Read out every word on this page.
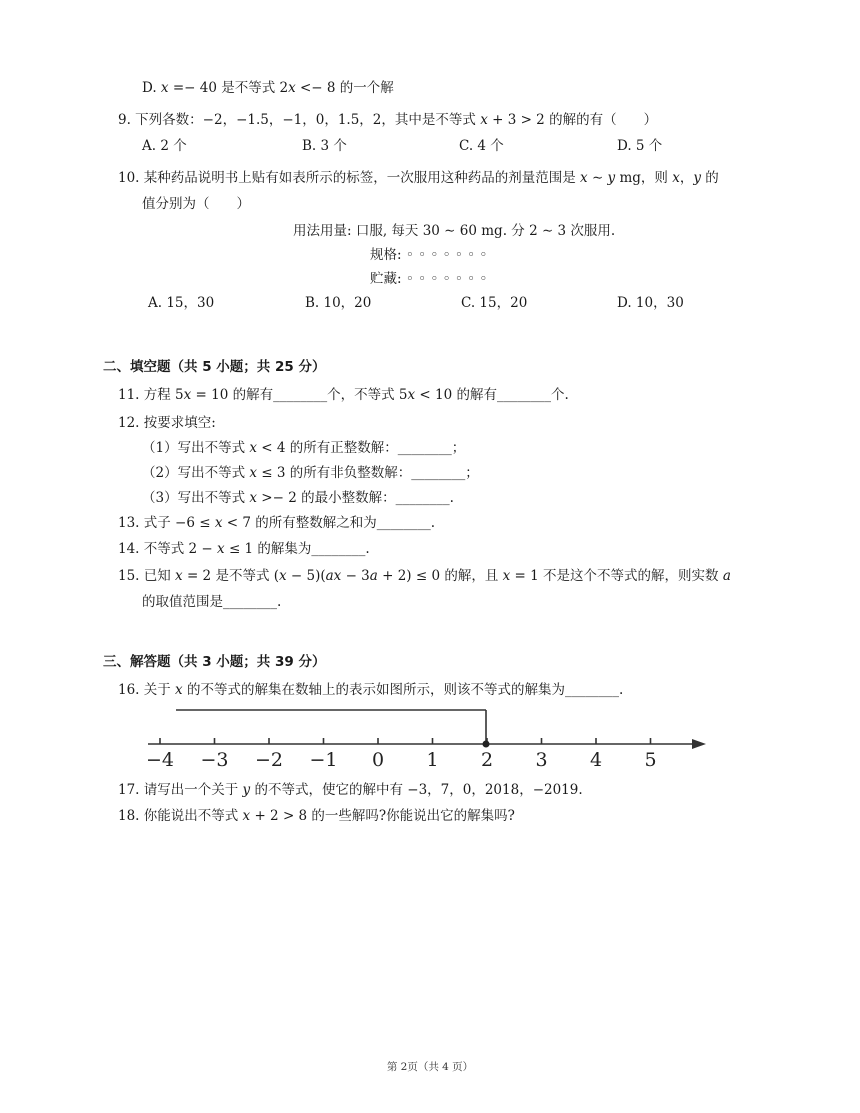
D. 𝑥 =− 40 是不等式 2𝑥 <− 8 的一个解
9. 下列各数：−2，−1.5，−1，0，1.5，2，其中是不等式 𝑥 + 3 > 2 的解的有（　　）
A. 2 个	B. 3 个	C. 4 个	D. 5 个
10. 某种药品说明书上贴有如表所示的标签，一次服用这种药品的剂量范围是 𝑥 ∼ 𝑦 mg，则 𝑥，𝑦 的
值分别为（　　）
用法用量: 口服, 每天 30 ∼ 60 mg. 分 2 ∼ 3 次服用.
规格: ◦ ◦ ◦ ◦ ◦ ◦ ◦
贮藏: ◦ ◦ ◦ ◦ ◦ ◦ ◦
A. 15，30	B. 10，20	C. 15，20	D. 10，30
二、填空题（共 5 小题；共 25 分）
11. 方程 5𝑥 = 10 的解有________个，不等式 5𝑥 < 10 的解有________个.
12. 按要求填空:
（1）写出不等式 𝑥 < 4 的所有正整数解：________；
（2）写出不等式 𝑥 ≤ 3 的所有非负整数解：________；
（3）写出不等式 𝑥 >− 2 的最小整数解：________.
13. 式子 −6 ≤ 𝑥 < 7 的所有整数解之和为________.
14. 不等式 2 − 𝑥 ≤ 1 的解集为________.
15. 已知 𝑥 = 2 是不等式 (𝑥 − 5)(𝑎𝑥 − 3𝑎 + 2) ≤ 0 的解，且 𝑥 = 1 不是这个不等式的解，则实数 𝑎
的取值范围是________.
三、解答题（共 3 小题；共 39 分）
16. 关于 𝑥 的不等式的解集在数轴上的表示如图所示，则该不等式的解集为________.
−4 −3 −2 −1 0 1 2 3 4 5
17. 请写出一个关于 𝑦 的不等式，使它的解中有 −3，7，0，2018，−2019.
18. 你能说出不等式 𝑥 + 2 > 8 的一些解吗?你能说出它的解集吗?
第 2页（共 4 页）
